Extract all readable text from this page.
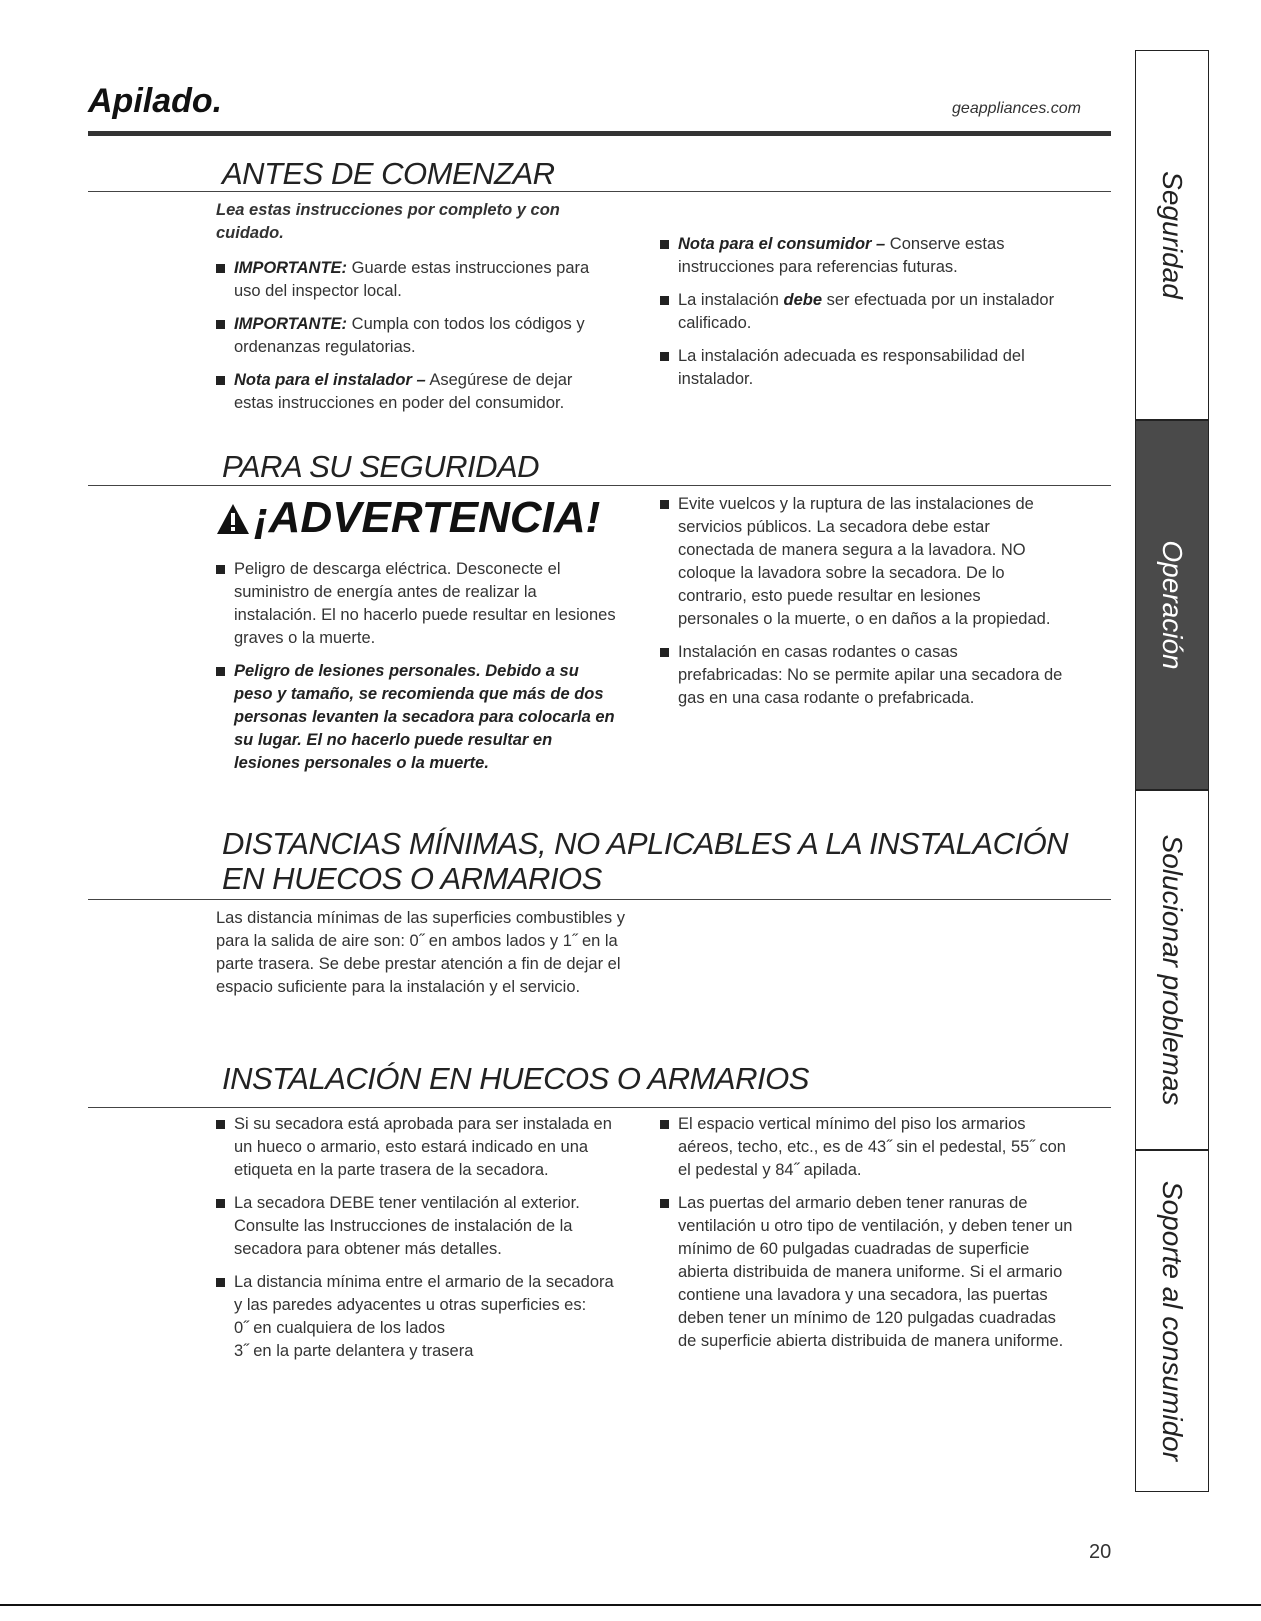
Apilado.	geappliances.com
ANTES DE COMENZAR
Lea estas instrucciones por completo y con cuidado.
IMPORTANTE: Guarde estas instrucciones para uso del inspector local.
IMPORTANTE: Cumpla con todos los códigos y ordenanzas regulatorias.
Nota para el instalador – Asegúrese de dejar estas instrucciones en poder del consumidor.
Nota para el consumidor – Conserve estas instrucciones para referencias futuras.
La instalación debe ser efectuada por un instalador calificado.
La instalación adecuada es responsabilidad del instalador.
PARA SU SEGURIDAD
¡ADVERTENCIA!
Peligro de descarga eléctrica. Desconecte el suministro de energía antes de realizar la instalación. El no hacerlo puede resultar en lesiones graves o la muerte.
Peligro de lesiones personales. Debido a su peso y tamaño, se recomienda que más de dos personas levanten la secadora para colocarla en su lugar. El no hacerlo puede resultar en lesiones personales o la muerte.
Evite vuelcos y la ruptura de las instalaciones de servicios públicos. La secadora debe estar conectada de manera segura a la lavadora. NO coloque la lavadora sobre la secadora. De lo contrario, esto puede resultar en lesiones personales o la muerte, o en daños a la propiedad.
Instalación en casas rodantes o casas prefabricadas: No se permite apilar una secadora de gas en una casa rodante o prefabricada.
DISTANCIAS MÍNIMAS, NO APLICABLES A LA INSTALACIÓN
EN HUECOS O ARMARIOS
Las distancia mínimas de las superficies combustibles y para la salida de aire son: 0˝ en ambos lados y 1˝ en la parte trasera. Se debe prestar atención a fin de dejar el espacio suficiente para la instalación y el servicio.
INSTALACIÓN EN HUECOS O ARMARIOS
Si su secadora está aprobada para ser instalada en un hueco o armario, esto estará indicado en una etiqueta en la parte trasera de la secadora.
La secadora DEBE tener ventilación al exterior. Consulte las Instrucciones de instalación de la secadora para obtener más detalles.
La distancia mínima entre el armario de la secadora y las paredes adyacentes u otras superficies es:
0˝ en cualquiera de los lados
3˝ en la parte delantera y trasera
El espacio vertical mínimo del piso los armarios aéreos, techo, etc., es de 43˝ sin el pedestal, 55˝ con el pedestal y 84˝ apilada.
Las puertas del armario deben tener ranuras de ventilación u otro tipo de ventilación, y deben tener un mínimo de 60 pulgadas cuadradas de superficie abierta distribuida de manera uniforme. Si el armario contiene una lavadora y una secadora, las puertas deben tener un mínimo de 120 pulgadas cuadradas de superficie abierta distribuida de manera uniforme.
Seguridad
Operación
Solucionar problemas
Soporte al consumidor
20
